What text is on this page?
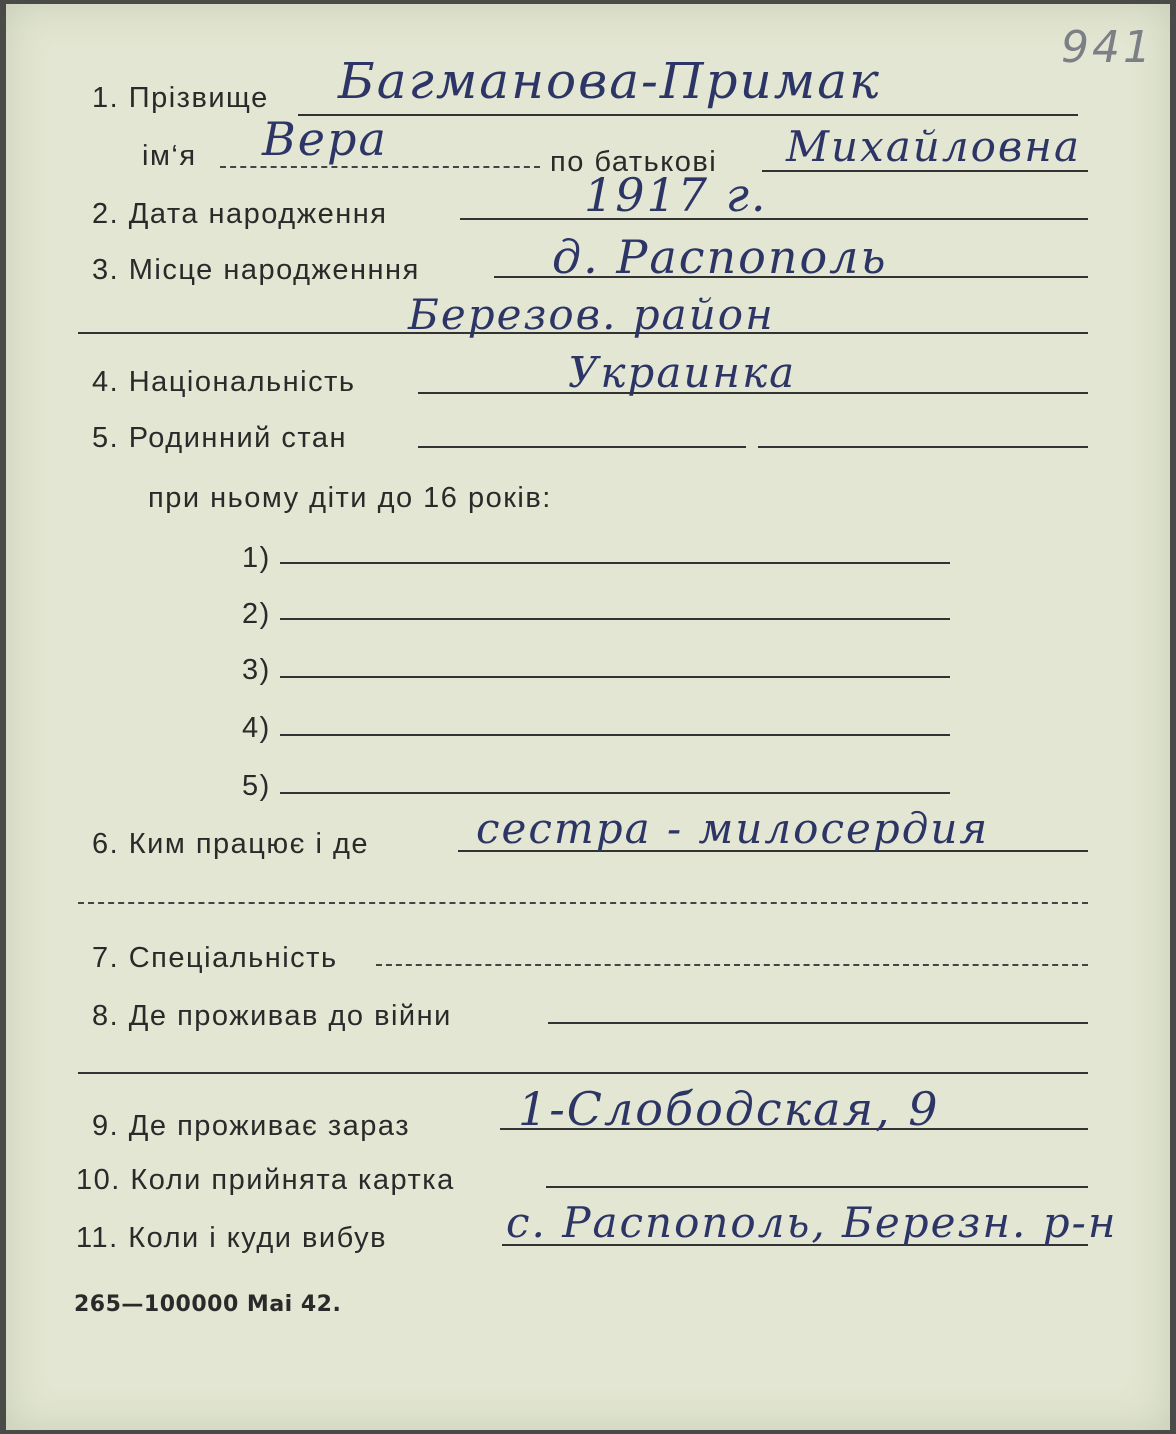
941
1. Прізвище Багманова-Примак
ім‘я Вера	по батькові Михайловна
2. Дата народження	1917 г.
3. Місце народженння	д. Распополь
Березов. район
4. Національність	Украинка
5. Родинний стан
при ньому діти до 16 років:
1)
2)
3)
4)
5)
6. Ким працює і де	сестра - милосердия
7. Спеціальність
8. Де проживав до війни
9. Де проживає зараз 1-Слободская, 9
10. Коли прийнята картка
11. Коли і куди вибув	с. Распополь, Березн. р-н
265—100000 Mai 42.
